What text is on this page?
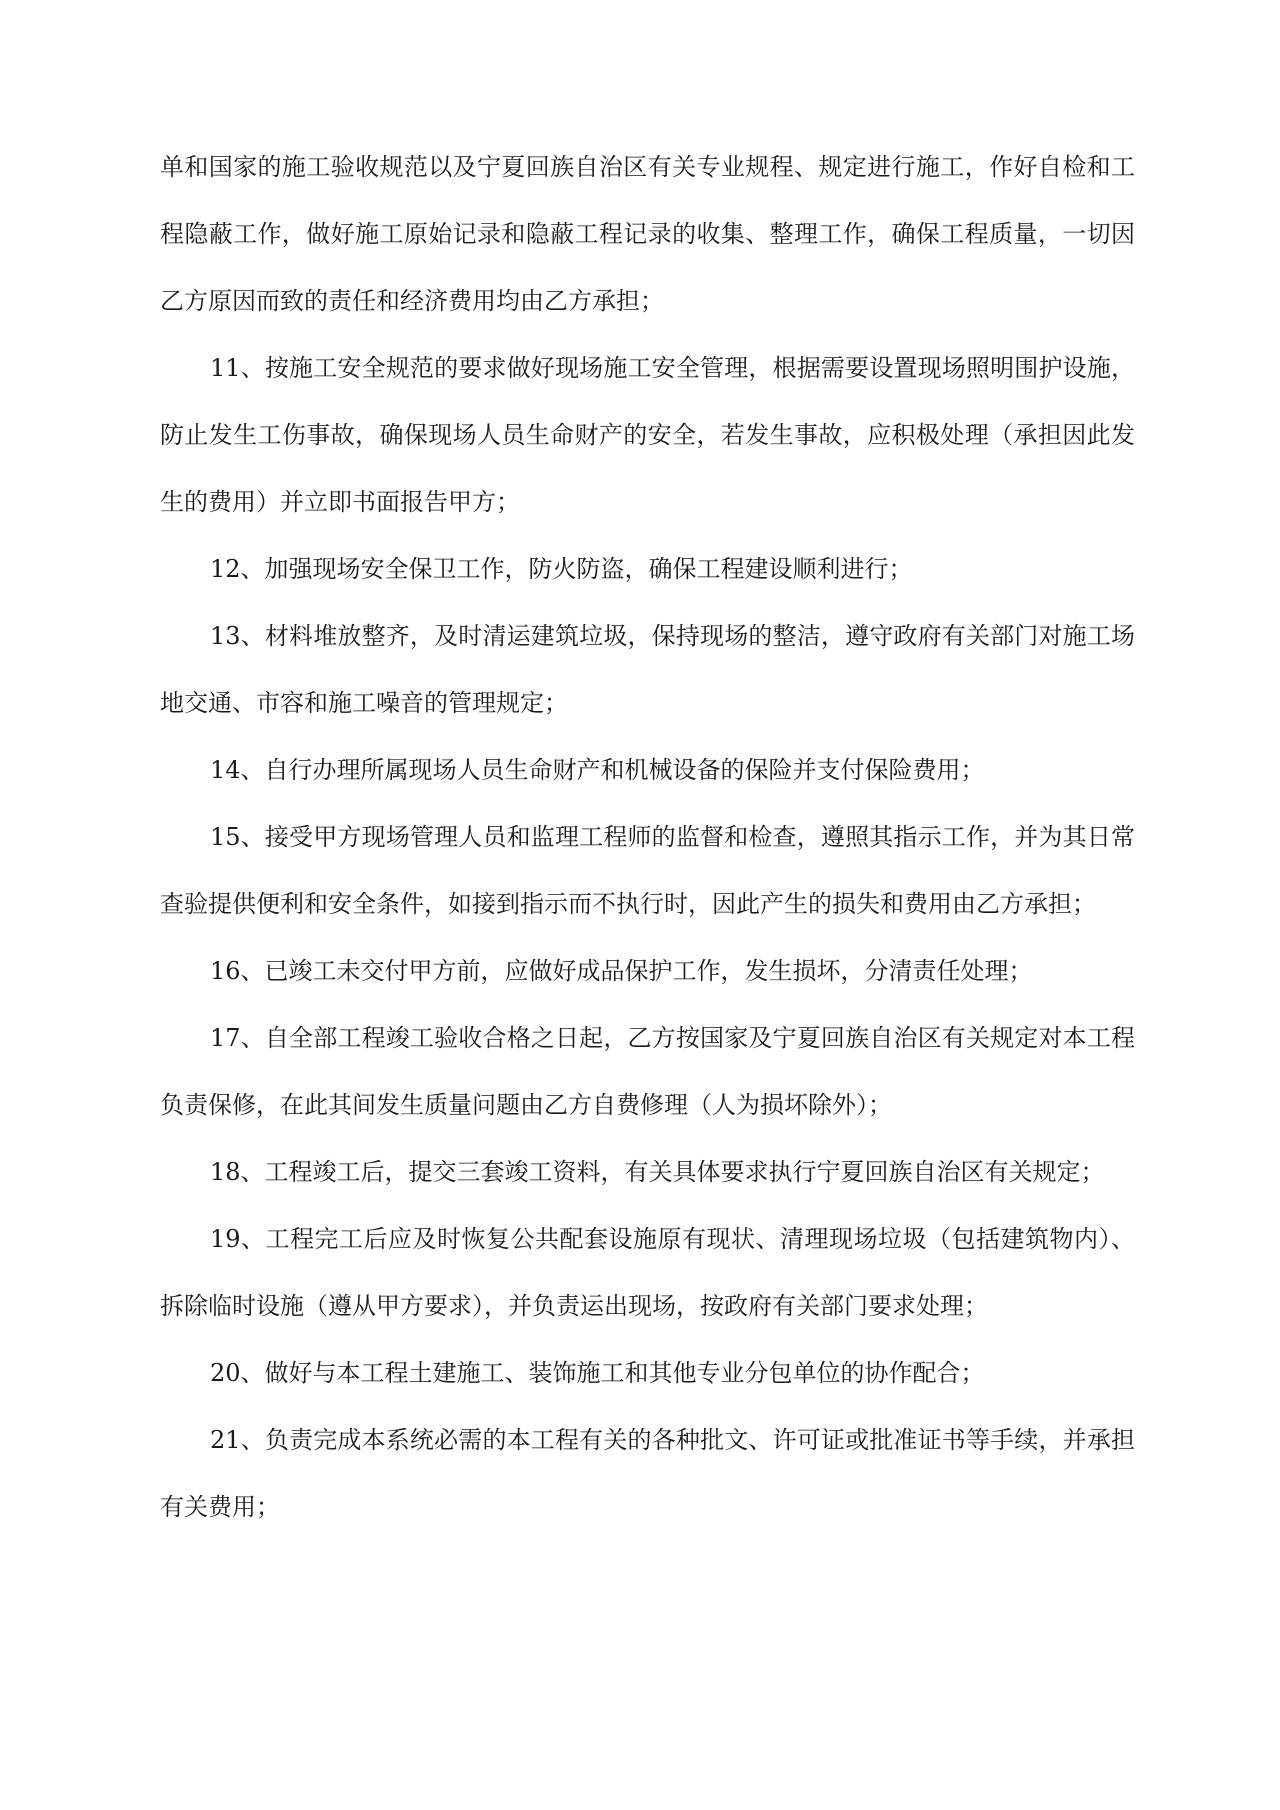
单和国家的施工验收规范以及宁夏回族自治区有关专业规程、规定进行施工，作好自检和工程隐蔽工作，做好施工原始记录和隐蔽工程记录的收集、整理工作，确保工程质量，一切因乙方原因而致的责任和经济费用均由乙方承担；

11、按施工安全规范的要求做好现场施工安全管理，根据需要设置现场照明围护设施，防止发生工伤事故，确保现场人员生命财产的安全，若发生事故，应积极处理（承担因此发生的费用）并立即书面报告甲方；

12、加强现场安全保卫工作，防火防盗，确保工程建设顺利进行；

13、材料堆放整齐，及时清运建筑垃圾，保持现场的整洁，遵守政府有关部门对施工场地交通、市容和施工噪音的管理规定；

14、自行办理所属现场人员生命财产和机械设备的保险并支付保险费用；

15、接受甲方现场管理人员和监理工程师的监督和检查，遵照其指示工作，并为其日常查验提供便利和安全条件，如接到指示而不执行时，因此产生的损失和费用由乙方承担；

16、已竣工未交付甲方前，应做好成品保护工作，发生损坏，分清责任处理；

17、自全部工程竣工验收合格之日起，乙方按国家及宁夏回族自治区有关规定对本工程负责保修，在此其间发生质量问题由乙方自费修理（人为损坏除外）；

18、工程竣工后，提交三套竣工资料，有关具体要求执行宁夏回族自治区有关规定；

19、工程完工后应及时恢复公共配套设施原有现状、清理现场垃圾（包括建筑物内）、拆除临时设施（遵从甲方要求），并负责运出现场，按政府有关部门要求处理；

20、做好与本工程土建施工、装饰施工和其他专业分包单位的协作配合；

21、负责完成本系统必需的本工程有关的各种批文、许可证或批准证书等手续，并承担有关费用；
